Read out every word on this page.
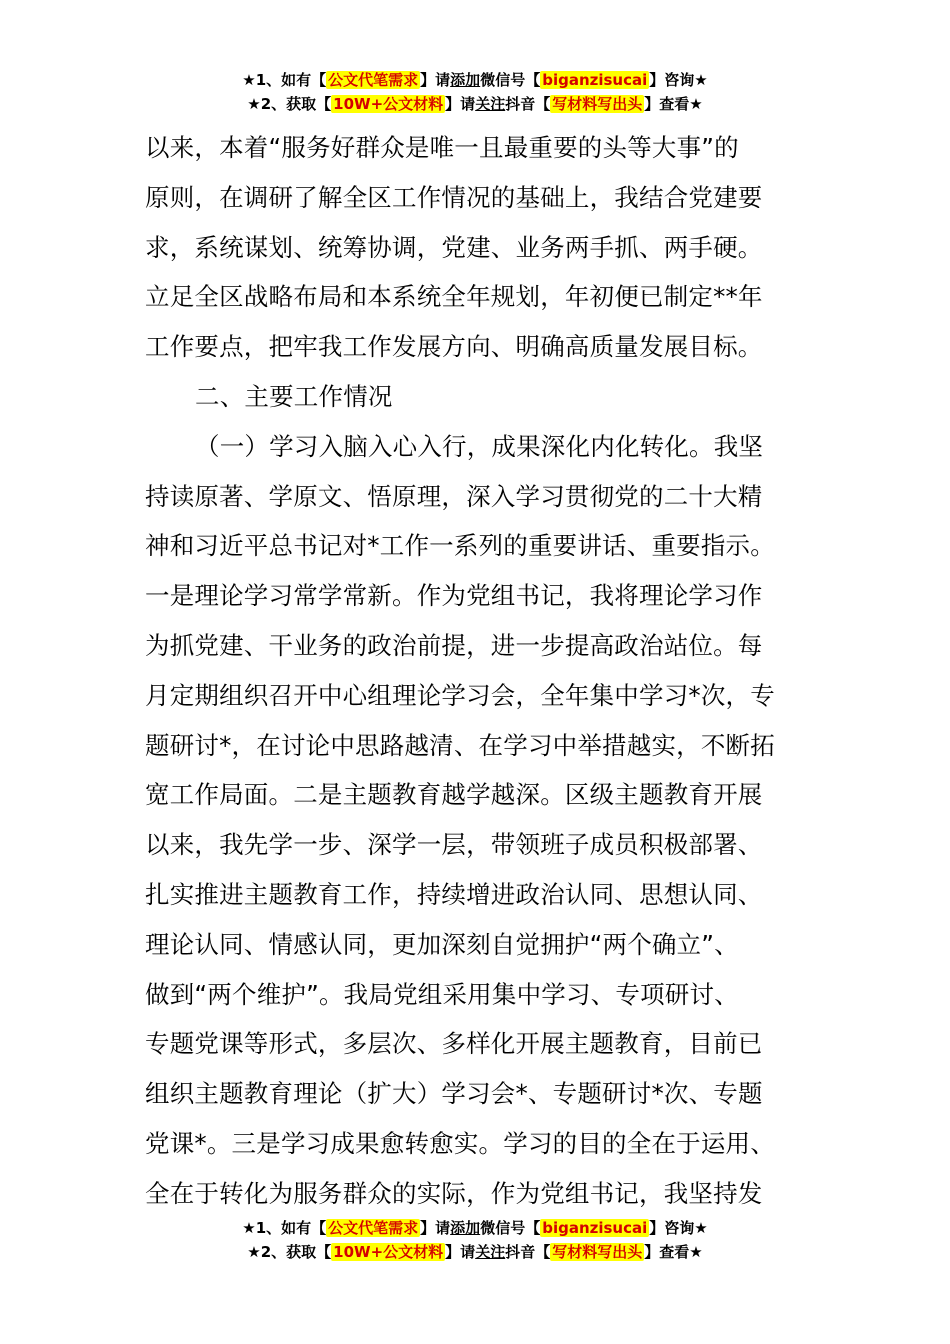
★1、如有【 公文代笔需求 】请添加微信号【 biganzisucai 】咨询★
★2、获取【 10W+公文材料 】请关注抖音【 写材料写出头 】查看★

以来，本着“服务好群众是唯一且最重要的头等大事”的

原则，在调研了解全区工作情况的基础上，我结合党建要

求，系统谋划、统筹协调，党建、业务两手抓、两手硬。

立足全区战略布局和本系统全年规划，年初便已制定**年

工作要点，把牢我工作发展方向、明确高质量发展目标。

二、主要工作情况

（一）学习入脑入心入行，成果深化内化转化。我坚

持读原著、学原文、悟原理，深入学习贯彻党的二十大精

神和习近平总书记对*工作一系列的重要讲话、重要指示。

一是理论学习常学常新。作为党组书记，我将理论学习作

为抓党建、干业务的政治前提，进一步提高政治站位。每

月定期组织召开中心组理论学习会，全年集中学习*次，专

题研讨*，在讨论中思路越清、在学习中举措越实，不断拓

宽工作局面。二是主题教育越学越深。区级主题教育开展

以来，我先学一步、深学一层，带领班子成员积极部署、

扎实推进主题教育工作，持续增进政治认同、思想认同、

理论认同、情感认同，更加深刻自觉拥护“两个确立”、

做到“两个维护”。我局党组采用集中学习、专项研讨、

专题党课等形式，多层次、多样化开展主题教育，目前已

组织主题教育理论（扩大）学习会*、专题研讨*次、专题

党课*。三是学习成果愈转愈实。学习的目的全在于运用、

全在于转化为服务群众的实际，作为党组书记，我坚持发

★1、如有【 公文代笔需求 】请添加微信号【 biganzisucai 】咨询★
★2、获取【 10W+公文材料 】请关注抖音【 写材料写出头 】查看★
